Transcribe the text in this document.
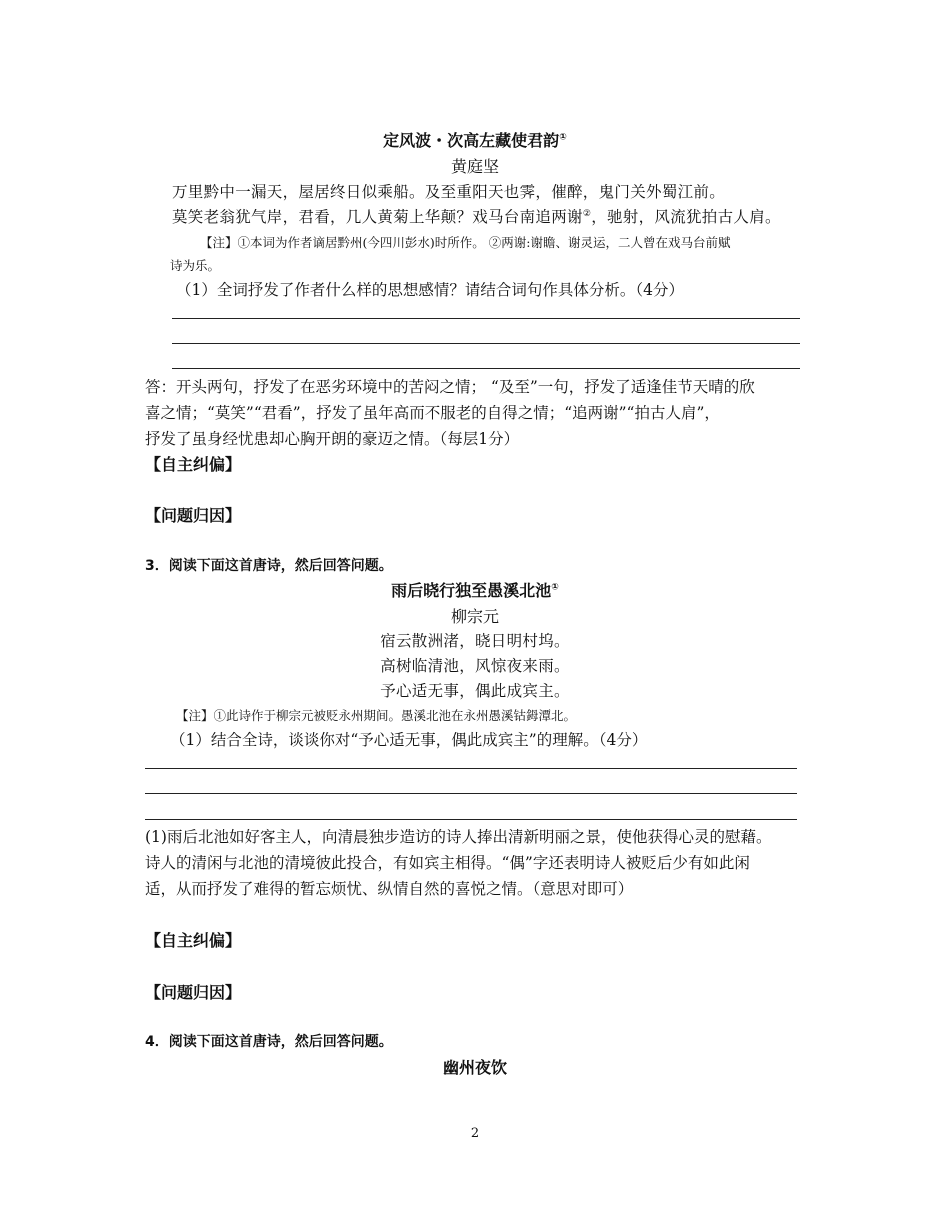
定风波・次高左藏使君韵①
黄庭坚
万里黔中一漏天，屋居终日似乘船。及至重阳天也霁，催醉，鬼门关外蜀江前。
莫笑老翁犹气岸，君看，几人黄菊上华颠？戏马台南追两谢②，驰射，风流犹拍古人肩。
【注】①本词为作者谪居黔州(今四川彭水)时所作。 ②两谢:谢瞻、谢灵运，二人曾在戏马台前赋
诗为乐。
（1）全词抒发了作者什么样的思想感情？请结合词句作具体分析。（4分）
答：开头两句，抒发了在恶劣环境中的苦闷之情； “及至”一句，抒发了适逢佳节天晴的欣
喜之情；“莫笑”“君看”，抒发了虽年高而不服老的自得之情；“追两谢”“拍古人肩”，
抒发了虽身经忧患却心胸开朗的豪迈之情。（每层1分）
【自主纠偏】
【问题归因】
3．阅读下面这首唐诗，然后回答问题。
雨后晓行独至愚溪北池①
柳宗元
宿云散洲渚，晓日明村坞。
高树临清池，风惊夜来雨。
予心适无事，偶此成宾主。
【注】①此诗作于柳宗元被贬永州期间。愚溪北池在永州愚溪钴鉧潭北。
（1）结合全诗，谈谈你对“予心适无事，偶此成宾主”的理解。（4分）
(1)雨后北池如好客主人，向清晨独步造访的诗人捧出清新明丽之景，使他获得心灵的慰藉。
诗人的清闲与北池的清境彼此投合，有如宾主相得。“偶”字还表明诗人被贬后少有如此闲
适，从而抒发了难得的暂忘烦忧、纵情自然的喜悦之情。（意思对即可）
【自主纠偏】
【问题归因】
4．阅读下面这首唐诗，然后回答问题。
幽州夜饮
2
